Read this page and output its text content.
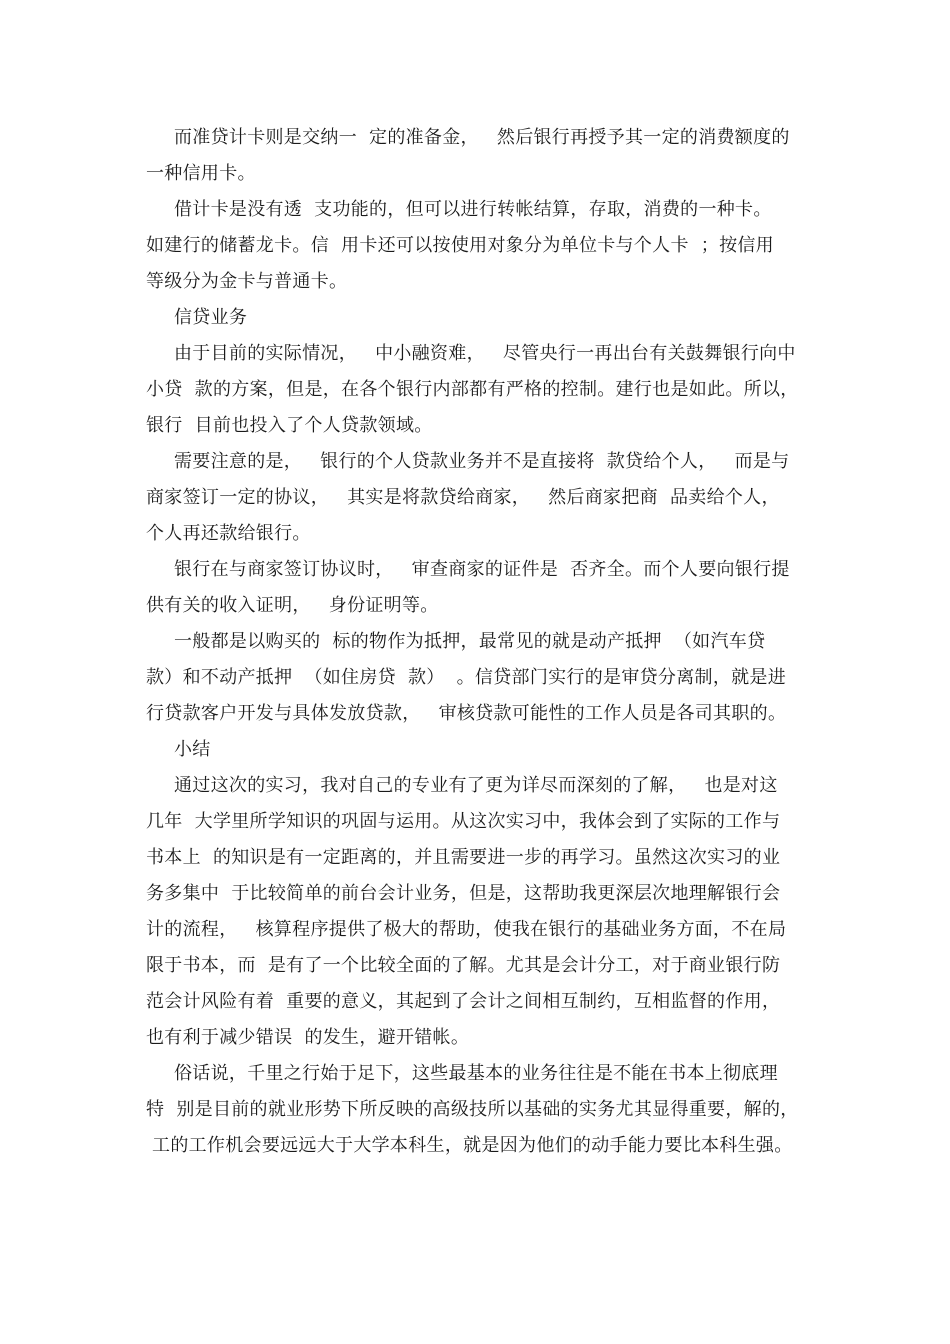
而准贷计卡则是交纳一  定的准备金，   然后银行再授予其一定的消费额度的
一种信用卡。
借计卡是没有透  支功能的，但可以进行转帐结算，存取，消费的一种卡。
如建行的储蓄龙卡。信  用卡还可以按使用对象分为单位卡与个人卡  ；按信用
等级分为金卡与普通卡。
信贷业务
由于目前的实际情况，   中小融资难，   尽管央行一再出台有关鼓舞银行向中
小贷  款的方案，但是，在各个银行内部都有严格的控制。建行也是如此。所以，
银行  目前也投入了个人贷款领域。
需要注意的是，   银行的个人贷款业务并不是直接将  款贷给个人，   而是与
商家签订一定的协议，   其实是将款贷给商家，   然后商家把商  品卖给个人，
个人再还款给银行。
银行在与商家签订协议时，   审查商家的证件是  否齐全。而个人要向银行提
供有关的收入证明，   身份证明等。
一般都是以购买的  标的物作为抵押，最常见的就是动产抵押  （如汽车贷
款）和不动产抵押  （如住房贷  款）  。信贷部门实行的是审贷分离制，就是进
行贷款客户开发与具体发放贷款，   审核贷款可能性的工作人员是各司其职的。
小结
通过这次的实习，我对自己的专业有了更为详尽而深刻的了解，   也是对这
几年  大学里所学知识的巩固与运用。从这次实习中，我体会到了实际的工作与
书本上  的知识是有一定距离的，并且需要进一步的再学习。虽然这次实习的业
务多集中  于比较简单的前台会计业务，但是，这帮助我更深层次地理解银行会
计的流程，   核算程序提供了极大的帮助，使我在银行的基础业务方面，不在局
限于书本，而  是有了一个比较全面的了解。尤其是会计分工，对于商业银行防
范会计风险有着  重要的意义，其起到了会计之间相互制约，互相监督的作用，
也有利于减少错误  的发生，避开错帐。
俗话说，千里之行始于足下，这些最基本的业务往往是不能在书本上彻底理
特  别是目前的就业形势下所反映的高级技所以基础的实务尤其显得重要，解的，
工的工作机会要远远大于大学本科生，就是因为他们的动手能力要比本科生强。
